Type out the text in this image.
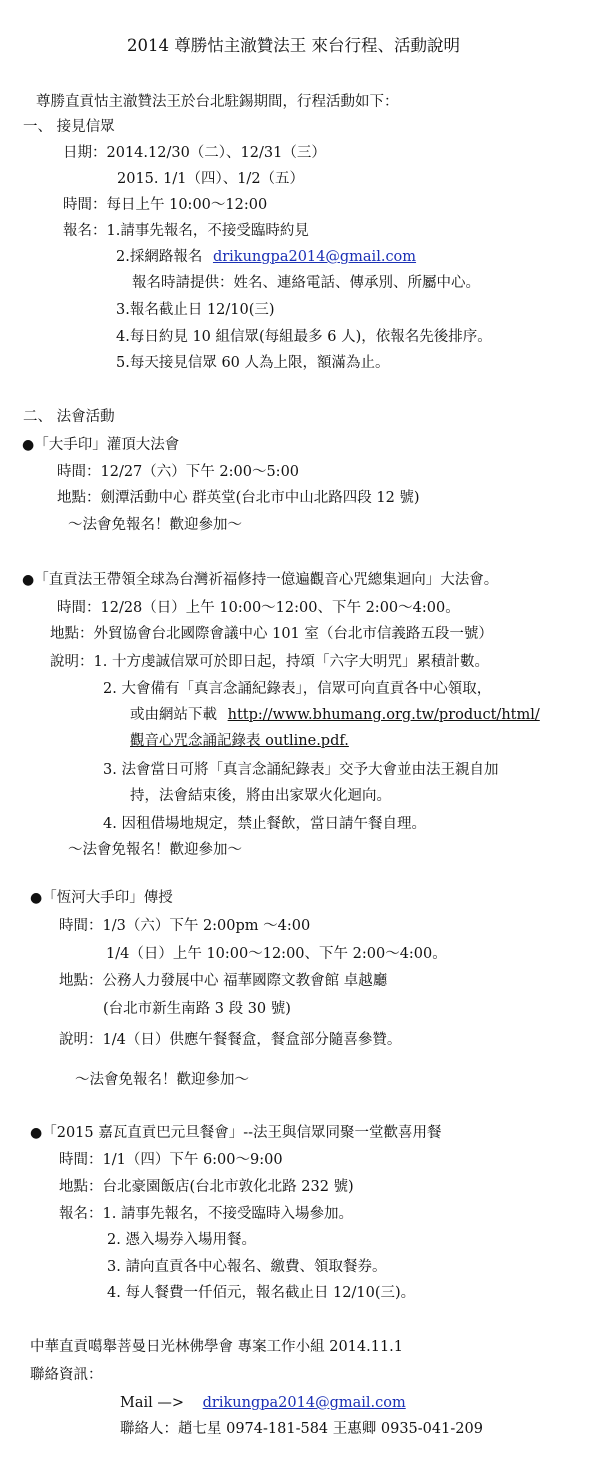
2014 尊勝怙主澈贊法王 來台行程、活動說明
尊勝直貢怙主澈贊法王於台北駐錫期間，行程活動如下：
一、 接見信眾
日期：2014.12/30（二）、12/31（三）
2015. 1/1（四）、1/2（五）
時間：每日上午 10:00～12:00
報名：1.請事先報名，不接受臨時約見
2.採網路報名 drikungpa2014@gmail.com
報名時請提供：姓名、連絡電話、傳承別、所屬中心。
3.報名截止日 12/10(三)
4.每日約見 10 組信眾(每組最多 6 人)，依報名先後排序。
5.每天接見信眾 60 人為上限，額滿為止。
二、 法會活動
●「大手印」灌頂大法會
時間：12/27（六）下午 2:00～5:00
地點：劍潭活動中心 群英堂(台北市中山北路四段 12 號)
～法會免報名！歡迎參加～
●「直貢法王帶領全球為台灣祈福修持一億遍觀音心咒總集迴向」大法會。
時間：12/28（日）上午 10:00～12:00、下午 2:00～4:00。
地點：外貿協會台北國際會議中心 101 室（台北市信義路五段一號）
說明：1. 十方虔誠信眾可於即日起，持頌「六字大明咒」累積計數。
2. 大會備有「真言念誦紀錄表」，信眾可向直貢各中心領取，
或由網站下載 http://www.bhumang.org.tw/product/html/
觀音心咒念誦記錄表 outline.pdf.
3. 法會當日可將「真言念誦紀錄表」交予大會並由法王親自加
持，法會結束後，將由出家眾火化迴向。
4. 因租借場地規定，禁止餐飲，當日請午餐自理。
～法會免報名！歡迎參加～
●「恆河大手印」傳授
時間：1/3（六）下午 2:00pm ～4:00
1/4（日）上午 10:00～12:00、下午 2:00～4:00。
地點：公務人力發展中心 福華國際文教會館 卓越廳
(台北市新生南路 3 段 30 號)
說明：1/4（日）供應午餐餐盒，餐盒部分隨喜參贊。
～法會免報名！歡迎參加～
●「2015 嘉瓦直貢巴元旦餐會」--法王與信眾同聚一堂歡喜用餐
時間：1/1（四）下午 6:00～9:00
地點：台北豪園飯店(台北市敦化北路 232 號)
報名：1. 請事先報名，不接受臨時入場參加。
2. 憑入場券入場用餐。
3. 請向直貢各中心報名、繳費、領取餐券。
4. 每人餐費一仟佰元，報名截止日 12/10(三)。
中華直貢噶舉菩曼日光林佛學會 專案工作小組 2014.11.1
聯絡資訊：
Mail —> drikungpa2014@gmail.com
聯絡人：趙七星 0974-181-584 王惠卿 0935-041-209
